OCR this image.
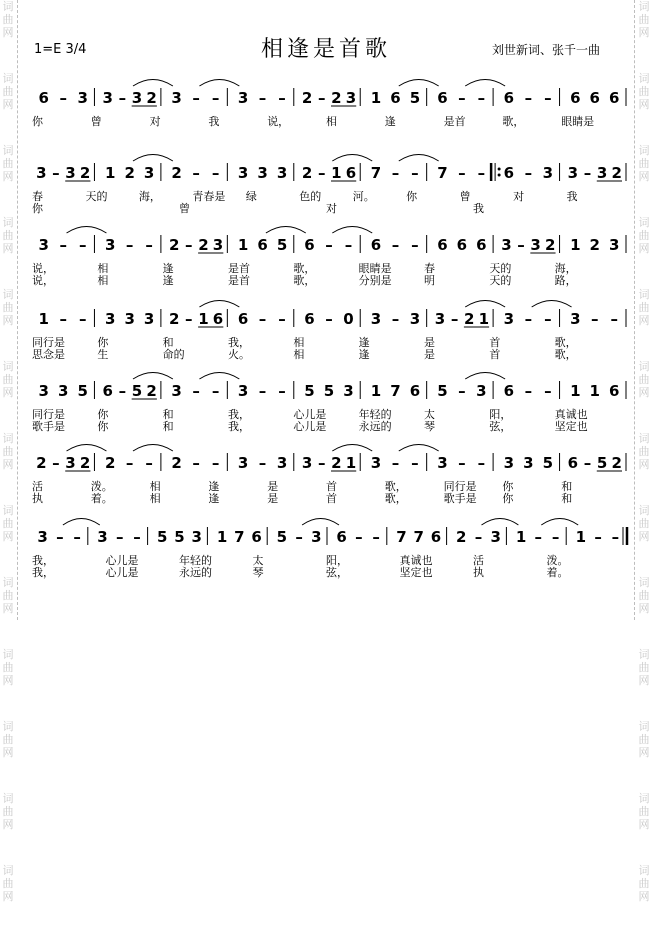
词
曲
网
词
曲
网
词
曲
网
词
曲
网
词
曲
网
词
曲
网
词
曲
网
词
曲
网
词
曲
网
词
曲
网
词
曲
网
词
曲
网
词
曲
网
词
曲
网
词
曲
网
词
曲
网
词
曲
网
词
曲
网
词
曲
网
词
曲
网
词
曲
网
词
曲
网
词
曲
网
词
曲
网
词
曲
网
词
曲
网
1=E 3/4	相逢是首歌	刘世新词、张千一曲
6 – 3 3 – 3 2 3 – – 3 – – 2 – 2 3 1 6 5 6 – – 6 – – 6 6 6
你	曾	对	我	说，	相	逢	是首	歌，	眼睛是
3 – 3 2 1 2 3 2 – – 3 3 3 2 – 1 6 7 – – 7 – – 6 – 3 3 – 3 2
春	天的	海，	青春是 绿	色的	河。	你	曾	对	我
你	曾	对	我
3 – – 3 – – 2 – 2 3 1 6 5 6 – – 6 – – 6 6 6 3 – 3 2 1 2 3
说，	相	逢	是首	歌，	眼睛是	春	天的	海，
说，	相	逢	是首	歌，	分别是	明	天的	路，
1 – – 3 3 3 2 – 1 6 6 – – 6 – 0 3 – 3 3 – 2 1 3 – – 3 – –
同行是	你	和	我，	相	逢	是	首	歌，
思念是	生	命的	火。	相	逢	是	首	歌，
3 3 5 6 – 5 2 3 – – 3 – – 5 5 3 1 7 6 5 – 3 6 – – 1 1 6
同行是	你	和	我，	心儿是	年轻的	太	阳，	真诚也
歌手是	你	和	我，	心儿是	永远的	琴	弦，	坚定也
2 – 3 2 2 – – 2 – – 3 – 3 3 – 2 1 3 – – 3 – – 3 3 5 6 – 5 2
活	泼。	相	逢	是	首	歌，	同行是 你	和
执	着。	相	逢	是	首	歌，	歌手是 你	和
3 – – 3 – – 5 5 3 1 7 6 5 – 3 6 – – 7 7 6 2 – 3 1 – – 1 – –
我，	心儿是	年轻的	太	阳，	真诚也	活	泼。
我，	心儿是	永远的	琴	弦，	坚定也	执	着。
